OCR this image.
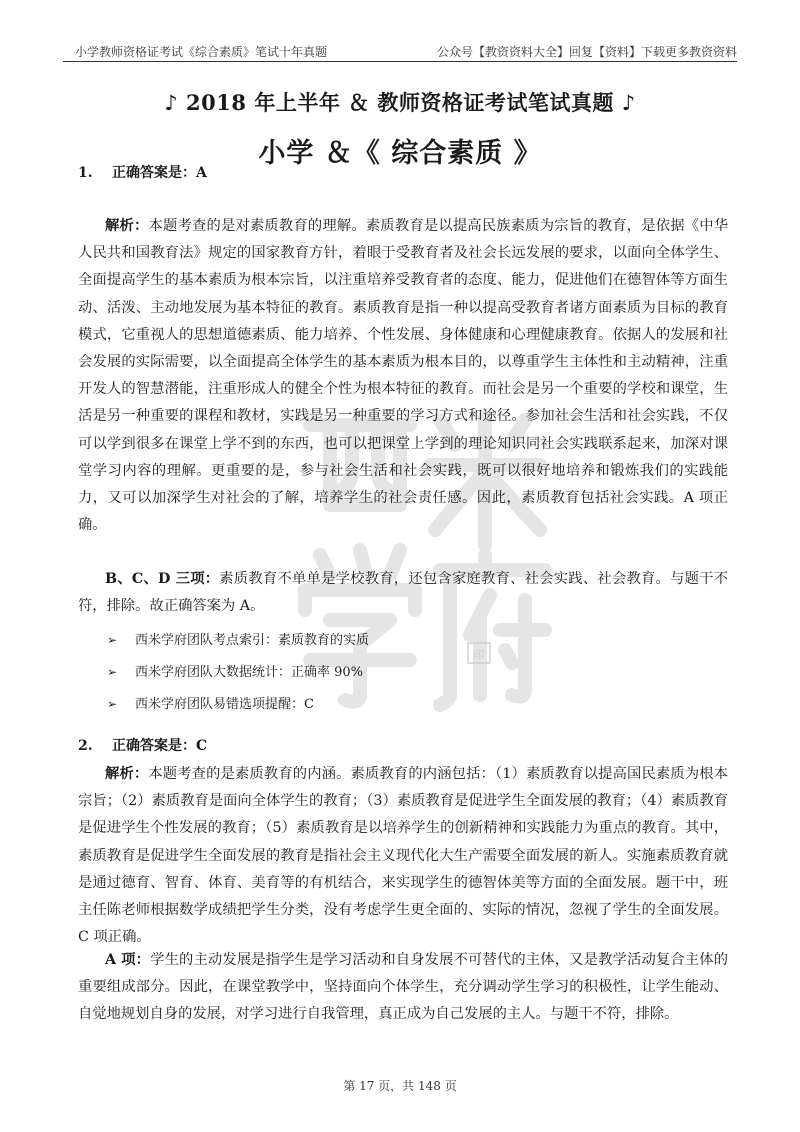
小学教师资格证考试《综合素质》笔试十年真题	公众号【教资资料大全】回复【资料】下载更多教资资料
印
♪ 2018 年上半年 ＆ 教师资格证考试笔试真题 ♪
小学 ＆《 综合素质 》
1. 正确答案是：A
解析：本题考查的是对素质教育的理解。素质教育是以提高民族素质为宗旨的教育，是依据《中华人民共和国教育法》规定的国家教育方针，着眼于受教育者及社会长远发展的要求，以面向全体学生、全面提高学生的基本素质为根本宗旨，以注重培养受教育者的态度、能力，促进他们在德智体等方面生动、活泼、主动地发展为基本特征的教育。素质教育是指一种以提高受教育者诸方面素质为目标的教育模式，它重视人的思想道德素质、能力培养、个性发展、身体健康和心理健康教育。依据人的发展和社会发展的实际需要，以全面提高全体学生的基本素质为根本目的，以尊重学生主体性和主动精神，注重开发人的智慧潜能，注重形成人的健全个性为根本特征的教育。而社会是另一个重要的学校和课堂，生活是另一种重要的课程和教材，实践是另一种重要的学习方式和途径。参加社会生活和社会实践，不仅可以学到很多在课堂上学不到的东西，也可以把课堂上学到的理论知识同社会实践联系起来，加深对课堂学习内容的理解。更重要的是，参与社会生活和社会实践，既可以很好地培养和锻炼我们的实践能力，又可以加深学生对社会的了解，培养学生的社会责任感。因此，素质教育包括社会实践。A 项正确。
B、C、D 三项：素质教育不单单是学校教育，还包含家庭教育、社会实践、社会教育。与题干不符，排除。故正确答案为 A。
➢ 西米学府团队考点索引：素质教育的实质
➢ 西米学府团队大数据统计：正确率 90%
➢ 西米学府团队易错选项提醒：C
2. 正确答案是：C
解析：本题考查的是素质教育的内涵。素质教育的内涵包括：（1）素质教育以提高国民素质为根本宗旨；（2）素质教育是面向全体学生的教育；（3）素质教育是促进学生全面发展的教育；（4）素质教育是促进学生个性发展的教育；（5）素质教育是以培养学生的创新精神和实践能力为重点的教育。其中，素质教育是促进学生全面发展的教育是指社会主义现代化大生产需要全面发展的新人。实施素质教育就是通过德育、智育、体育、美育等的有机结合，来实现学生的德智体美等方面的全面发展。题干中，班主任陈老师根据数学成绩把学生分类，没有考虑学生更全面的、实际的情况，忽视了学生的全面发展。C 项正确。
A 项：学生的主动发展是指学生是学习活动和自身发展不可替代的主体，又是教学活动复合主体的重要组成部分。因此，在课堂教学中，坚持面向个体学生，充分调动学生学习的积极性，让学生能动、自觉地规划自身的发展，对学习进行自我管理，真正成为自己发展的主人。与题干不符，排除。
第 17 页，共 148 页
